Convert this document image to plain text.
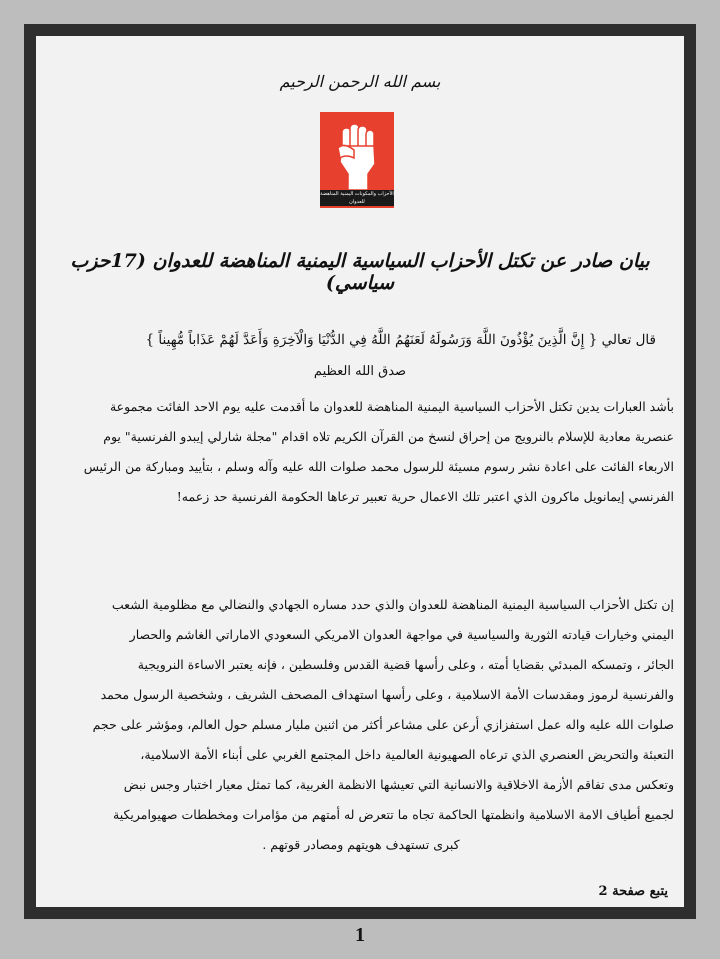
بسم الله الرحمن الرحيم
الأحزاب والمكونات اليمنية المناهضة للعدوان
بيان صادر عن تكتل الأحزاب السياسية اليمنية المناهضة للعدوان (17حزب سياسي)
قال تعالي { إِنَّ الَّذِينَ يُؤْذُونَ اللَّهَ وَرَسُولَهُ لَعَنَهُمُ اللَّهُ فِي الدُّنْيَا وَالْآخِرَةِ وَأَعَدَّ لَهُمْ عَذَاباً مُّهِيناً }
صدق الله العظيم

بأشد العبارات يدين تكتل الأحزاب السياسية اليمنية المناهضة للعدوان ما أقدمت عليه يوم الاحد الفائت مجموعة

عنصرية معادية للإسلام بالنرويج من إحراق لنسخ من القرآن الكريم تلاه اقدام "مجلة شارلي إيبدو الفرنسية" يوم

الاربعاء الفائت على اعادة نشر رسوم مسيئة للرسول محمد صلوات الله عليه وآله وسلم ، بتأييد ومباركة من الرئيس

الفرنسي إيمانويل ماكرون الذي اعتبر تلك الاعمال حرية تعبير ترعاها الحكومة الفرنسية حد زعمه!

إن تكتل الأحزاب السياسية اليمنية المناهضة للعدوان والذي حدد مساره الجهادي والنضالي مع مظلومية الشعب

اليمني وخيارات قيادته الثورية والسياسية في مواجهة العدوان الامريكي السعودي الاماراتي الغاشم والحصار

الجائر ، وتمسكه المبدئي بقضايا أمته ، وعلى رأسها قضية القدس وفلسطين ، فإنه يعتبر الاساءة النرويجية

والفرنسية لرموز ومقدسات الأمة الاسلامية ، وعلى رأسها استهداف المصحف الشريف ، وشخصية الرسول محمد

صلوات الله عليه واله عمل استفزازي أرعن على مشاعر أكثر من اثنين مليار مسلم حول العالم، ومؤشر على حجم

التعبئة والتحريض العنصري الذي ترعاه الصهيونية العالمية داخل المجتمع الغربي على أبناء الأمة الاسلامية،

وتعكس مدى تفاقم الأزمة الاخلاقية والانسانية التي تعيشها الانظمة الغربية، كما تمثل معيار اختبار وجس نبض

لجميع أطياف الامة الاسلامية وانظمتها الحاكمة تجاه ما تتعرض له أمتهم من مؤامرات ومخططات صهيوامريكية

كبرى تستهدف هويتهم ومصادر قوتهم .

يتبع صفحة 2
1
